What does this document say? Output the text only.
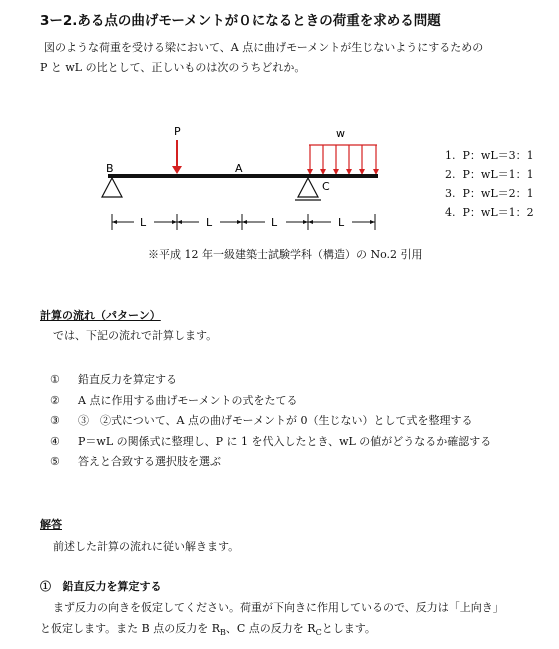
3ー2.ある点の曲げモーメントが０になるときの荷重を求める問題
図のような荷重を受ける梁において、A 点に曲げモーメントが生じないようにするための
P と wL の比として、正しいものは次のうちどれか。
P	w
B	A
C
L	L	L	L
1. P：wL＝3：1
2. P：wL＝1：1
3. P：wL＝2：1
4. P：wL＝1：2
※平成 12 年一級建築士試験学科（構造）の No.2 引用
計算の流れ（パターン）
では、下記の流れで計算します。
① 鉛直反力を算定する
② A 点に作用する曲げモーメントの式をたてる
③ ③　②式について、A 点の曲げモーメントが 0（生じない）として式を整理する
④ P＝wL の関係式に整理し、P に 1 を代入したとき、wL の値がどうなるか確認する
⑤ 答えと合致する選択肢を選ぶ
解答
前述した計算の流れに従い解きます。
① 鉛直反力を算定する
まず反力の向きを仮定してください。荷重が下向きに作用しているので、反力は「上向き」
と仮定します。また B 点の反力を $R_B$、C 点の反力を $R_C$とします。
